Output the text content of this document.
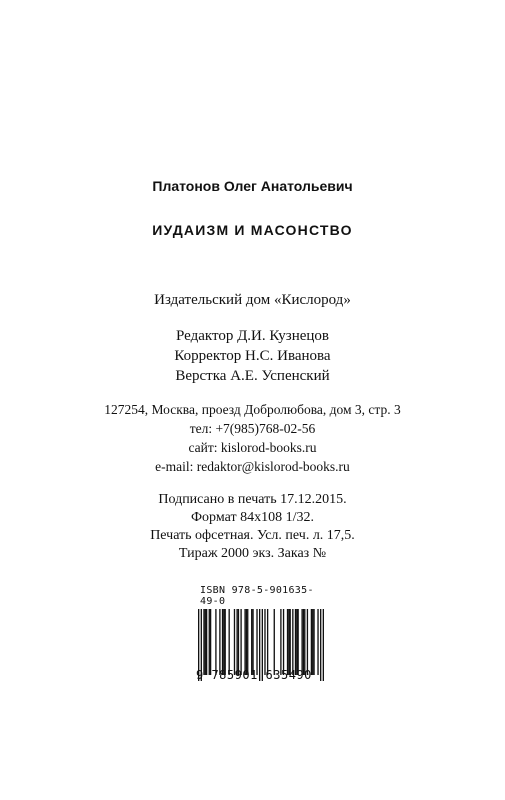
Платонов Олег Анатольевич
ИУДАИЗМ И МАСОНСТВО
Издательский дом «Кислород»
Редактор Д.И. Кузнецов
Корректор Н.С. Иванова
Верстка А.Е. Успенский
127254, Москва, проезд Добролюбова, дом 3, стр. 3
тел: +7(985)768-02-56
сайт: kislorod-books.ru
e-mail: redaktor@kislorod-books.ru
Подписано в печать 17.12.2015.
Формат 84x108 1/32.
Печать офсетная. Усл. печ. л. 17,5.
Тираж 2000 экз. Заказ №
ISBN 978-5-901635-49-0
9 785901 635490
